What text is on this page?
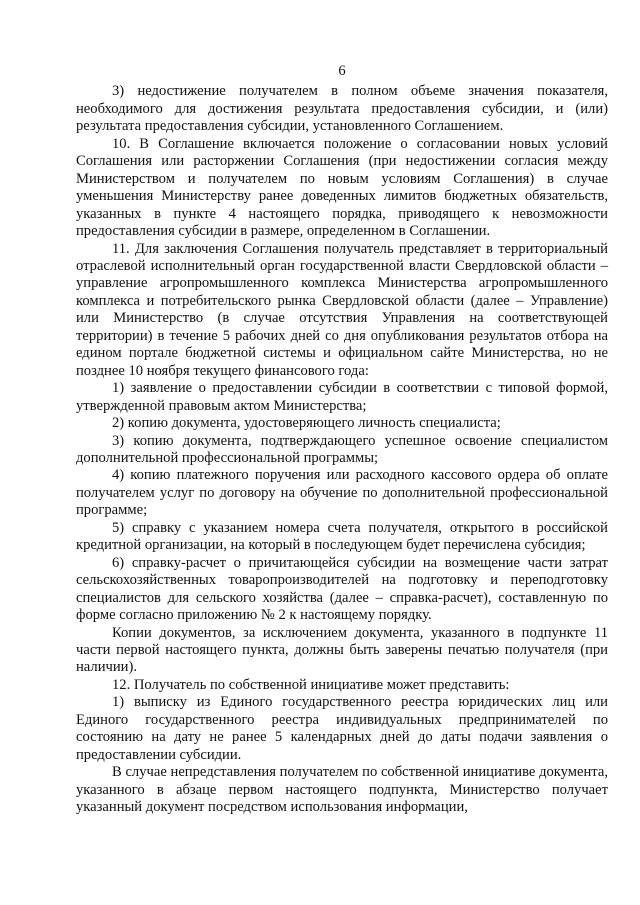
6

3) недостижение получателем в полном объеме значения показателя, необходимого для достижения результата предоставления субсидии, и (или) результата предоставления субсидии, установленного Соглашением.

10. В Соглашение включается положение о согласовании новых условий Соглашения или расторжении Соглашения (при недостижении согласия между Министерством и получателем по новым условиям Соглашения) в случае уменьшения Министерству ранее доведенных лимитов бюджетных обязательств, указанных в пункте 4 настоящего порядка, приводящего к невозможности предоставления субсидии в размере, определенном в Соглашении.

11. Для заключения Соглашения получатель представляет в территориальный отраслевой исполнительный орган государственной власти Свердловской области – управление агропромышленного комплекса Министерства агропромышленного комплекса и потребительского рынка Свердловской области (далее – Управление) или Министерство (в случае отсутствия Управления на соответствующей территории) в течение 5 рабочих дней со дня опубликования результатов отбора на едином портале бюджетной системы и официальном сайте Министерства, но не позднее 10 ноября текущего финансового года:

1) заявление о предоставлении субсидии в соответствии с типовой формой, утвержденной правовым актом Министерства;

2) копию документа, удостоверяющего личность специалиста;

3) копию документа, подтверждающего успешное освоение специалистом дополнительной профессиональной программы;

4) копию платежного поручения или расходного кассового ордера об оплате получателем услуг по договору на обучение по дополнительной профессиональной программе;

5) справку с указанием номера счета получателя, открытого в российской кредитной организации, на который в последующем будет перечислена субсидия;

6) справку-расчет о причитающейся субсидии на возмещение части затрат сельскохозяйственных товаропроизводителей на подготовку и переподготовку специалистов для сельского хозяйства (далее – справка-расчет), составленную по форме согласно приложению № 2 к настоящему порядку.

Копии документов, за исключением документа, указанного в подпункте 11 части первой настоящего пункта, должны быть заверены печатью получателя (при наличии).

12. Получатель по собственной инициативе может представить:

1) выписку из Единого государственного реестра юридических лиц или Единого государственного реестра индивидуальных предпринимателей по состоянию на дату не ранее 5 календарных дней до даты подачи заявления о предоставлении субсидии.

В случае непредставления получателем по собственной инициативе документа, указанного в абзаце первом настоящего подпункта, Министерство получает указанный документ посредством использования информации,
